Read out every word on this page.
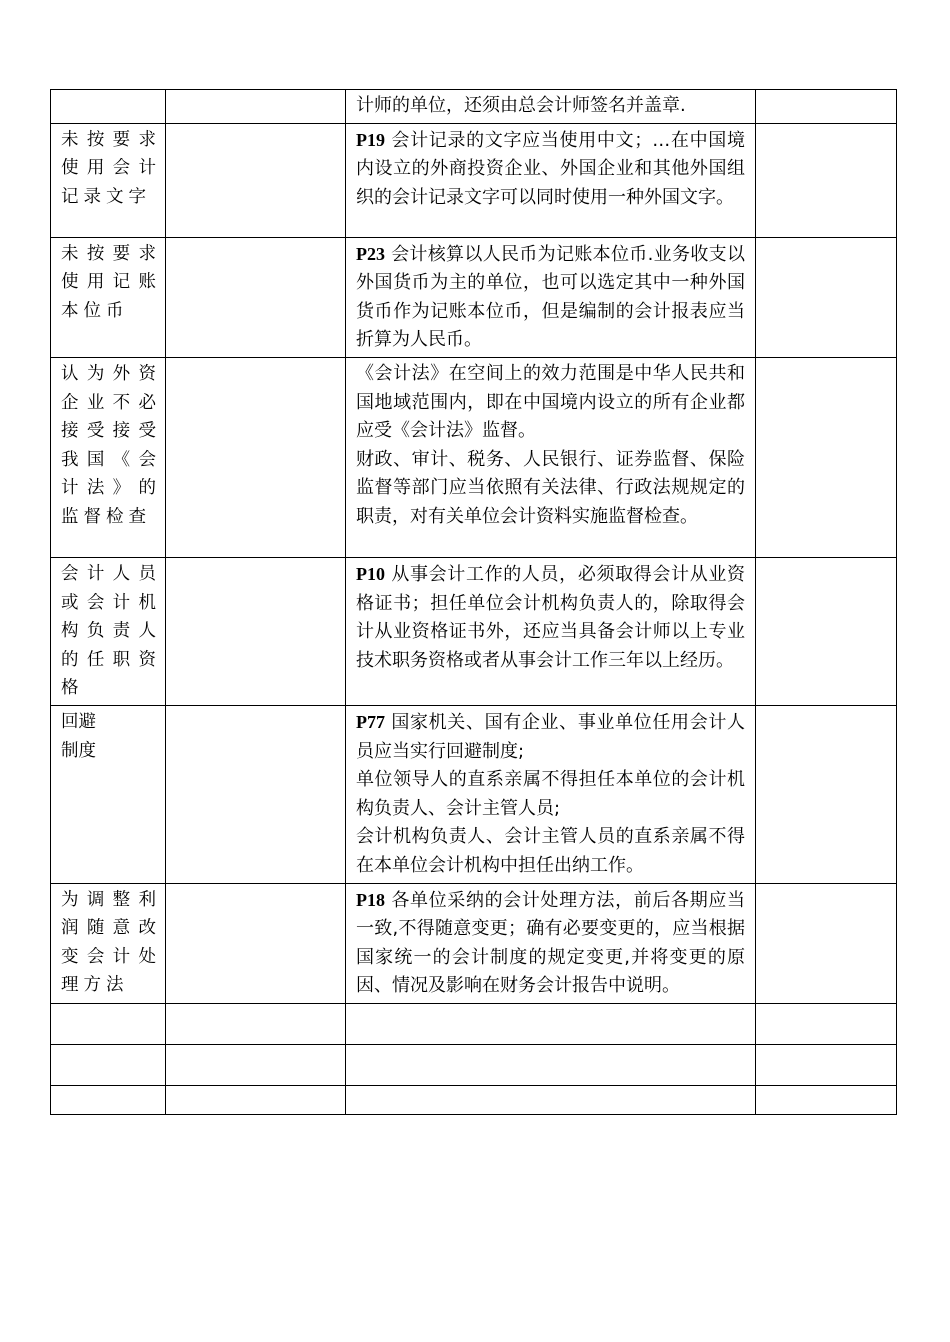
		计师的单位，还须由总会计师签名并盖章.	

未按要求使用会计记录文字		P19 会计记录的文字应当使用中文；…在中国境内设立的外商投资企业、外国企业和其他外国组织的会计记录文字可以同时使用一种外国文字。	

未按要求使用记账本位币		P23 会计核算以人民币为记账本位币.业务收支以外国货币为主的单位，也可以选定其中一种外国货币作为记账本位币，但是编制的会计报表应当折算为人民币。	

认为外资企业不必接受接受我国《会计法》的监督检查		《会计法》在空间上的效力范围是中华人民共和国地域范围内，即在中国境内设立的所有企业都应受《会计法》监督。
财政、审计、税务、人民银行、证券监督、保险监督等部门应当依照有关法律、行政法规规定的职责，对有关单位会计资料实施监督检查。	

会计人员或会计机构负责人的任职资格		P10 从事会计工作的人员，必须取得会计从业资格证书；担任单位会计机构负责人的，除取得会计从业资格证书外，还应当具备会计师以上专业技术职务资格或者从事会计工作三年以上经历。	

回避
制度		P77 国家机关、国有企业、事业单位任用会计人员应当实行回避制度;
单位领导人的直系亲属不得担任本单位的会计机构负责人、会计主管人员;
会计机构负责人、会计主管人员的直系亲属不得在本单位会计机构中担任出纳工作。	

为调整利润随意改变会计处理方法		P18 各单位采纳的会计处理方法，前后各期应当一致,不得随意变更；确有必要变更的，应当根据国家统一的会计制度的规定变更,并将变更的原因、情况及影响在财务会计报告中说明。	
